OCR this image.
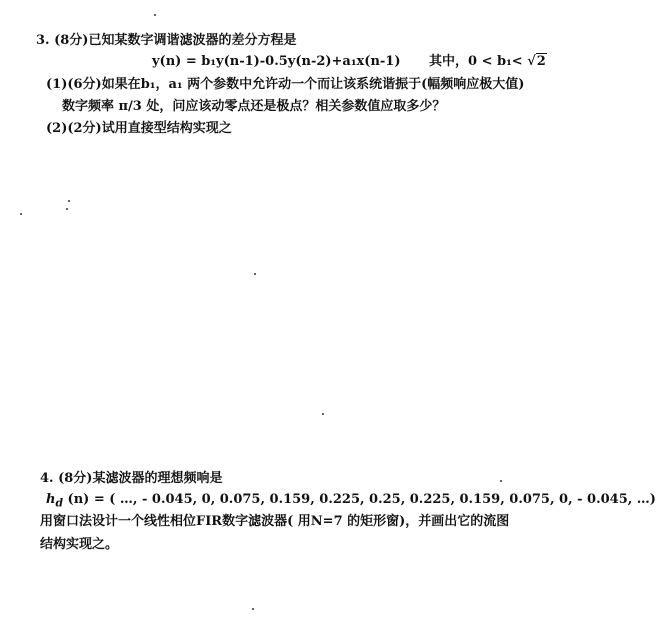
3. (8分)已知某数字调谐滤波器的差分方程是
y(n) = b₁y(n-1)-0.5y(n-2)+a₁x(n-1) 其中，0 < b₁< √2
(1)(6分)如果在b₁，a₁ 两个参数中允许动一个而让该系统谐振于(幅频响应极大值)
数字频率 π/3 处，问应该动零点还是极点？相关参数值应取多少？
(2)(2分)试用直接型结构实现之
4. (8分)某滤波器的理想频响是
$h_d$ (n) = ( …, - 0.045, 0, 0.075, 0.159, 0.225, 0.25, 0.225, 0.159, 0.075, 0, - 0.045, …)
用窗口法设计一个线性相位FIR数字滤波器( 用N=7 的矩形窗)，并画出它的流图
结构实现之。
